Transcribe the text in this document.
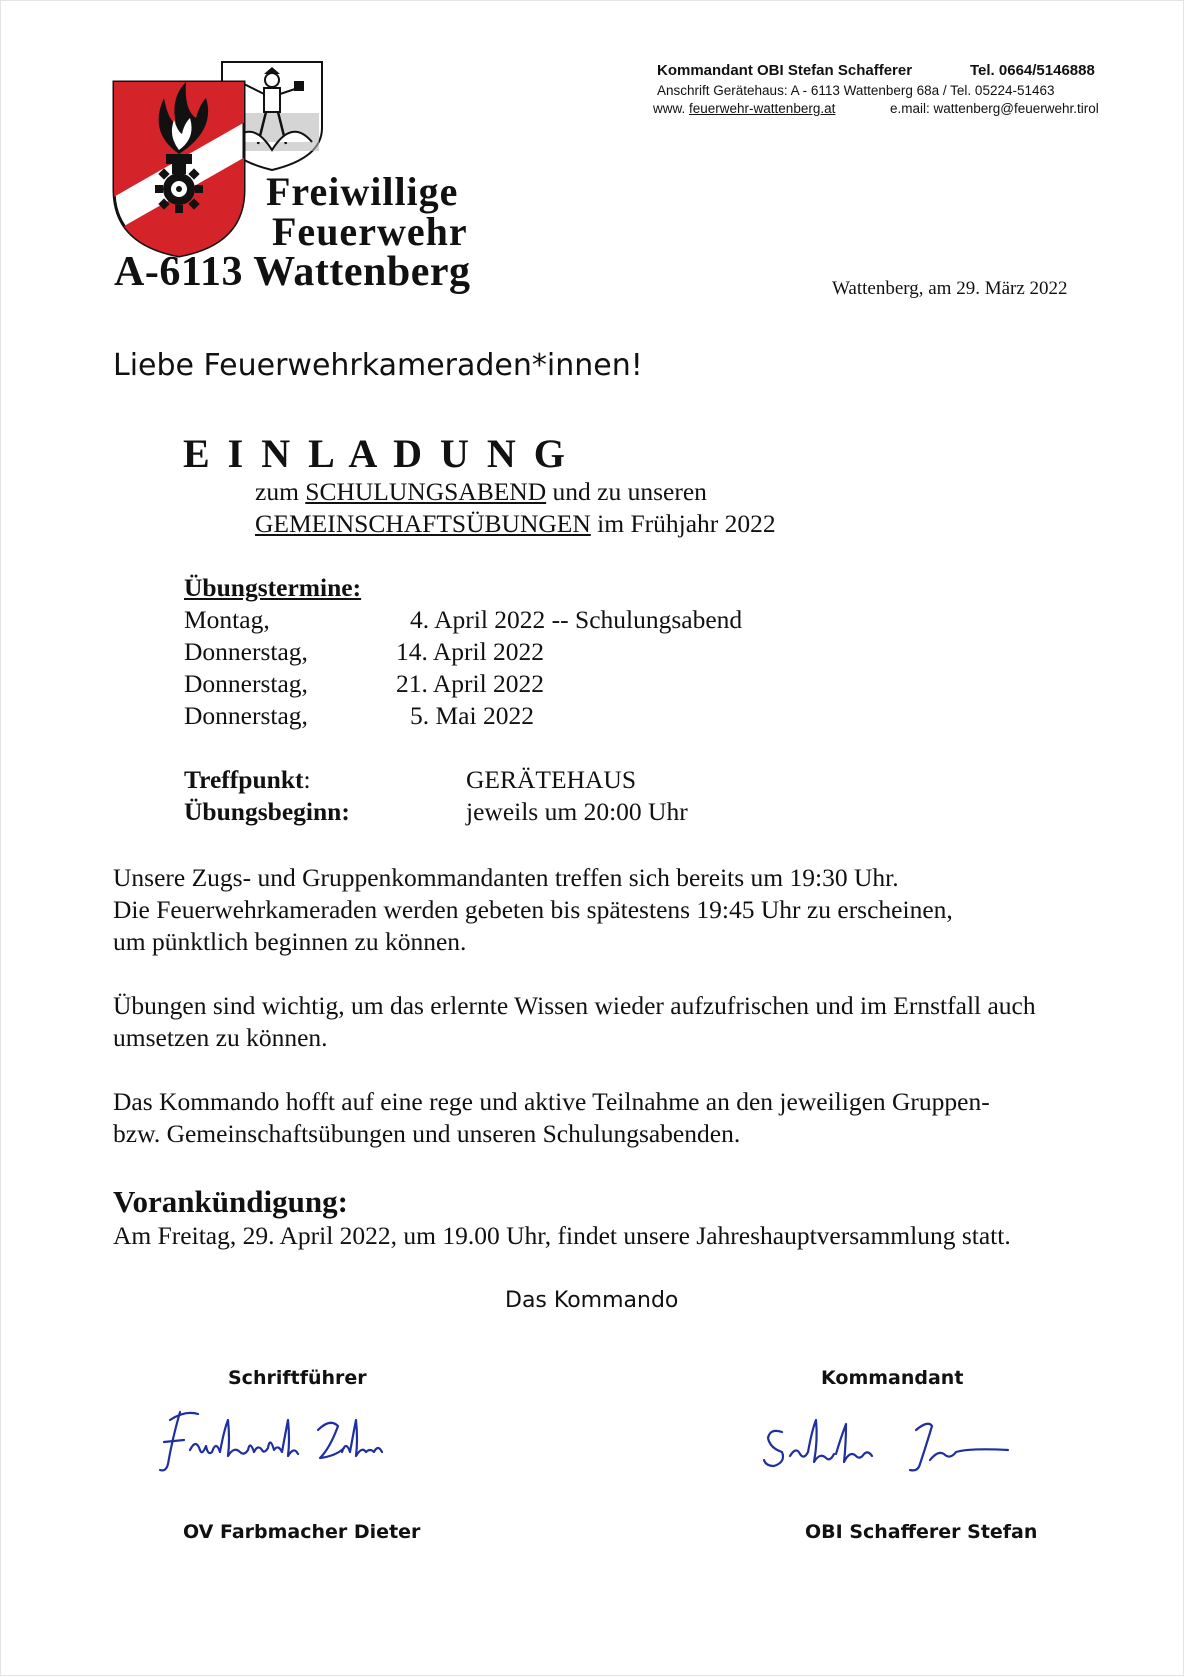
Freiwillige
Feuerwehr
A-6113 Wattenberg
Kommandant OBI Stefan Schafferer	Tel. 0664/5146888
Anschrift Gerätehaus: A - 6113 Wattenberg 68a / Tel. 05224-51463
www. feuerwehr-wattenberg.at	e.mail: wattenberg@feuerwehr.tirol
Wattenberg, am 29. März 2022
Liebe Feuerwehrkameraden*innen!
E I N L A D U N G
zum SCHULUNGSABEND und zu unseren
GEMEINSCHAFTSÜBUNGEN im Frühjahr 2022
Übungstermine:
Montag,	4. April 2022 -- Schulungsabend
Donnerstag,	14. April 2022
Donnerstag,	21. April 2022
Donnerstag,	5. Mai 2022
Treffpunkt:	GERÄTEHAUS
Übungsbeginn:	jeweils um 20:00 Uhr
Unsere Zugs- und Gruppenkommandanten treffen sich bereits um 19:30 Uhr.
Die Feuerwehrkameraden werden gebeten bis spätestens 19:45 Uhr zu erscheinen,
um pünktlich beginnen zu können.
Übungen sind wichtig, um das erlernte Wissen wieder aufzufrischen und im Ernstfall auch
umsetzen zu können.
Das Kommando hofft auf eine rege und aktive Teilnahme an den jeweiligen Gruppen-
bzw. Gemeinschaftsübungen und unseren Schulungsabenden.
Vorankündigung:
Am Freitag, 29. April 2022, um 19.00 Uhr, findet unsere Jahreshauptversammlung statt.
Das Kommando
Schriftführer	Kommandant
OV Farbmacher Dieter	OBI Schafferer Stefan
